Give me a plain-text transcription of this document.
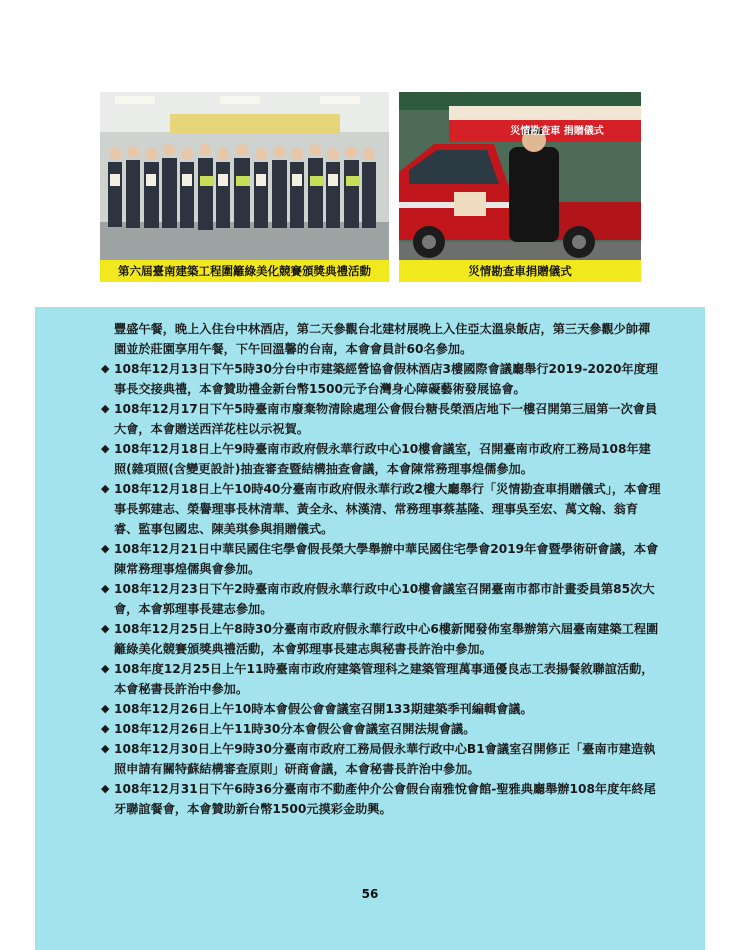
災情勘查車 捐贈儀式
第六屆臺南建築工程圍籬綠美化競賽頒獎典禮活動	災情勘查車捐贈儀式
豐盛午餐，晚上入住台中林酒店，第二天參觀台北建材展晚上入住亞太溫泉飯店，第三天參觀少帥禪園並於莊園享用午餐，下午回溫馨的台南，本會會員計60名參加。
◆ 108年12月13日下午5時30分台中市建築經營協會假林酒店3樓國際會議廳舉行2019-2020年度理事長交接典禮，本會贊助禮金新台幣1500元予台灣身心障礙藝術發展協會。
◆ 108年12月17日下午5時臺南市廢棄物清除處理公會假台糖長榮酒店地下一樓召開第三屆第一次會員大會，本會贈送西洋花柱以示祝賀。
◆ 108年12月18日上午9時臺南市政府假永華行政中心10樓會議室，召開臺南市政府工務局108年建照(雜項照(含變更設計)抽查審查暨結構抽查會議，本會陳常務理事煌儒參加。
◆ 108年12月18日上午10時40分臺南市政府假永華行政2樓大廳舉行「災情勘查車捐贈儀式」，本會理事長郭建志、榮譽理事長林清華、黃全永、林漢清、常務理事蔡基隆、理事吳至宏、萬文翰、翁育睿、監事包國忠、陳美琪參與捐贈儀式。
◆ 108年12月21日中華民國住宅學會假長榮大學舉辦中華民國住宅學會2019年會暨學術研會議，本會陳常務理事煌儒與會參加。
◆ 108年12月23日下午2時臺南市政府假永華行政中心10樓會議室召開臺南市都市計畫委員第85次大會，本會郭理事長建志參加。
◆ 108年12月25日上午8時30分臺南市政府假永華行政中心6樓新聞發佈室舉辦第六屆臺南建築工程圍籬綠美化競賽頒獎典禮活動，本會郭理事長建志與秘書長許治中參加。
◆ 108年度12月25日上午11時臺南市政府建築管理科之建築管理萬事通優良志工表揚餐敘聯誼活動，本會秘書長許治中參加。
◆ 108年12月26日上午10時本會假公會會議室召開133期建築季刊編輯會議。
◆ 108年12月26日上午11時30分本會假公會會議室召開法規會議。
◆ 108年12月30日上午9時30分臺南市政府工務局假永華行政中心B1會議室召開修正「臺南市建造執照申請有關特蘇結構審查原則」研商會議，本會秘書長許治中參加。
◆ 108年12月31日下午6時36分臺南市不動產仲介公會假台南雅悅會館-聖雅典廳舉辦108年度年終尾牙聯誼餐會，本會贊助新台幣1500元摸彩金助興。
56
